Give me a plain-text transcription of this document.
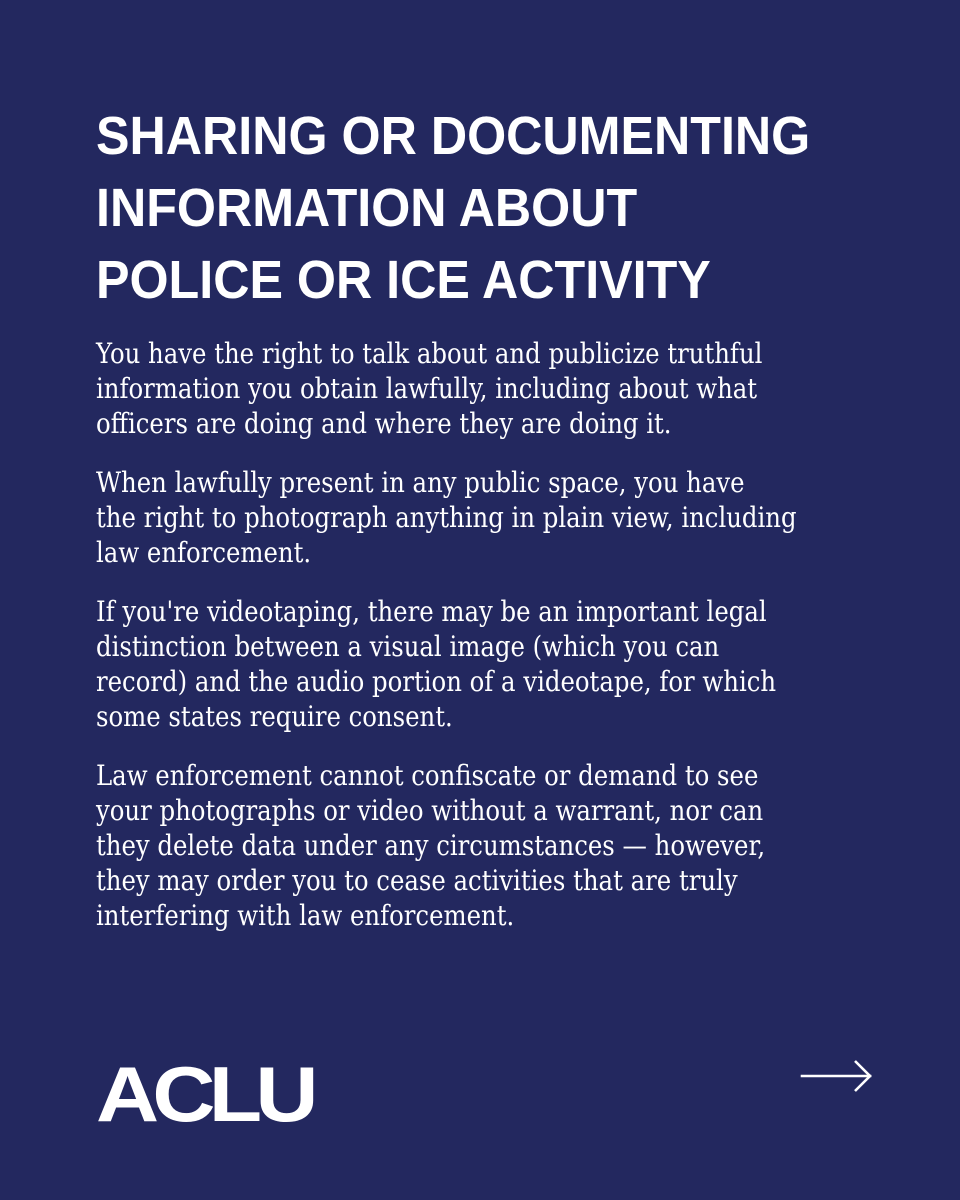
SHARING OR DOCUMENTING
INFORMATION ABOUT
POLICE OR ICE ACTIVITY

You have the right to talk about and publicize truthful
information you obtain lawfully, including about what
officers are doing and where they are doing it.

When lawfully present in any public space, you have
the right to photograph anything in plain view, including
law enforcement.

If you're videotaping, there may be an important legal
distinction between a visual image (which you can
record) and the audio portion of a videotape, for which
some states require consent.

Law enforcement cannot confiscate or demand to see
your photographs or video without a warrant, nor can
they delete data under any circumstances — however,
they may order you to cease activities that are truly
interfering with law enforcement.

ACLU
